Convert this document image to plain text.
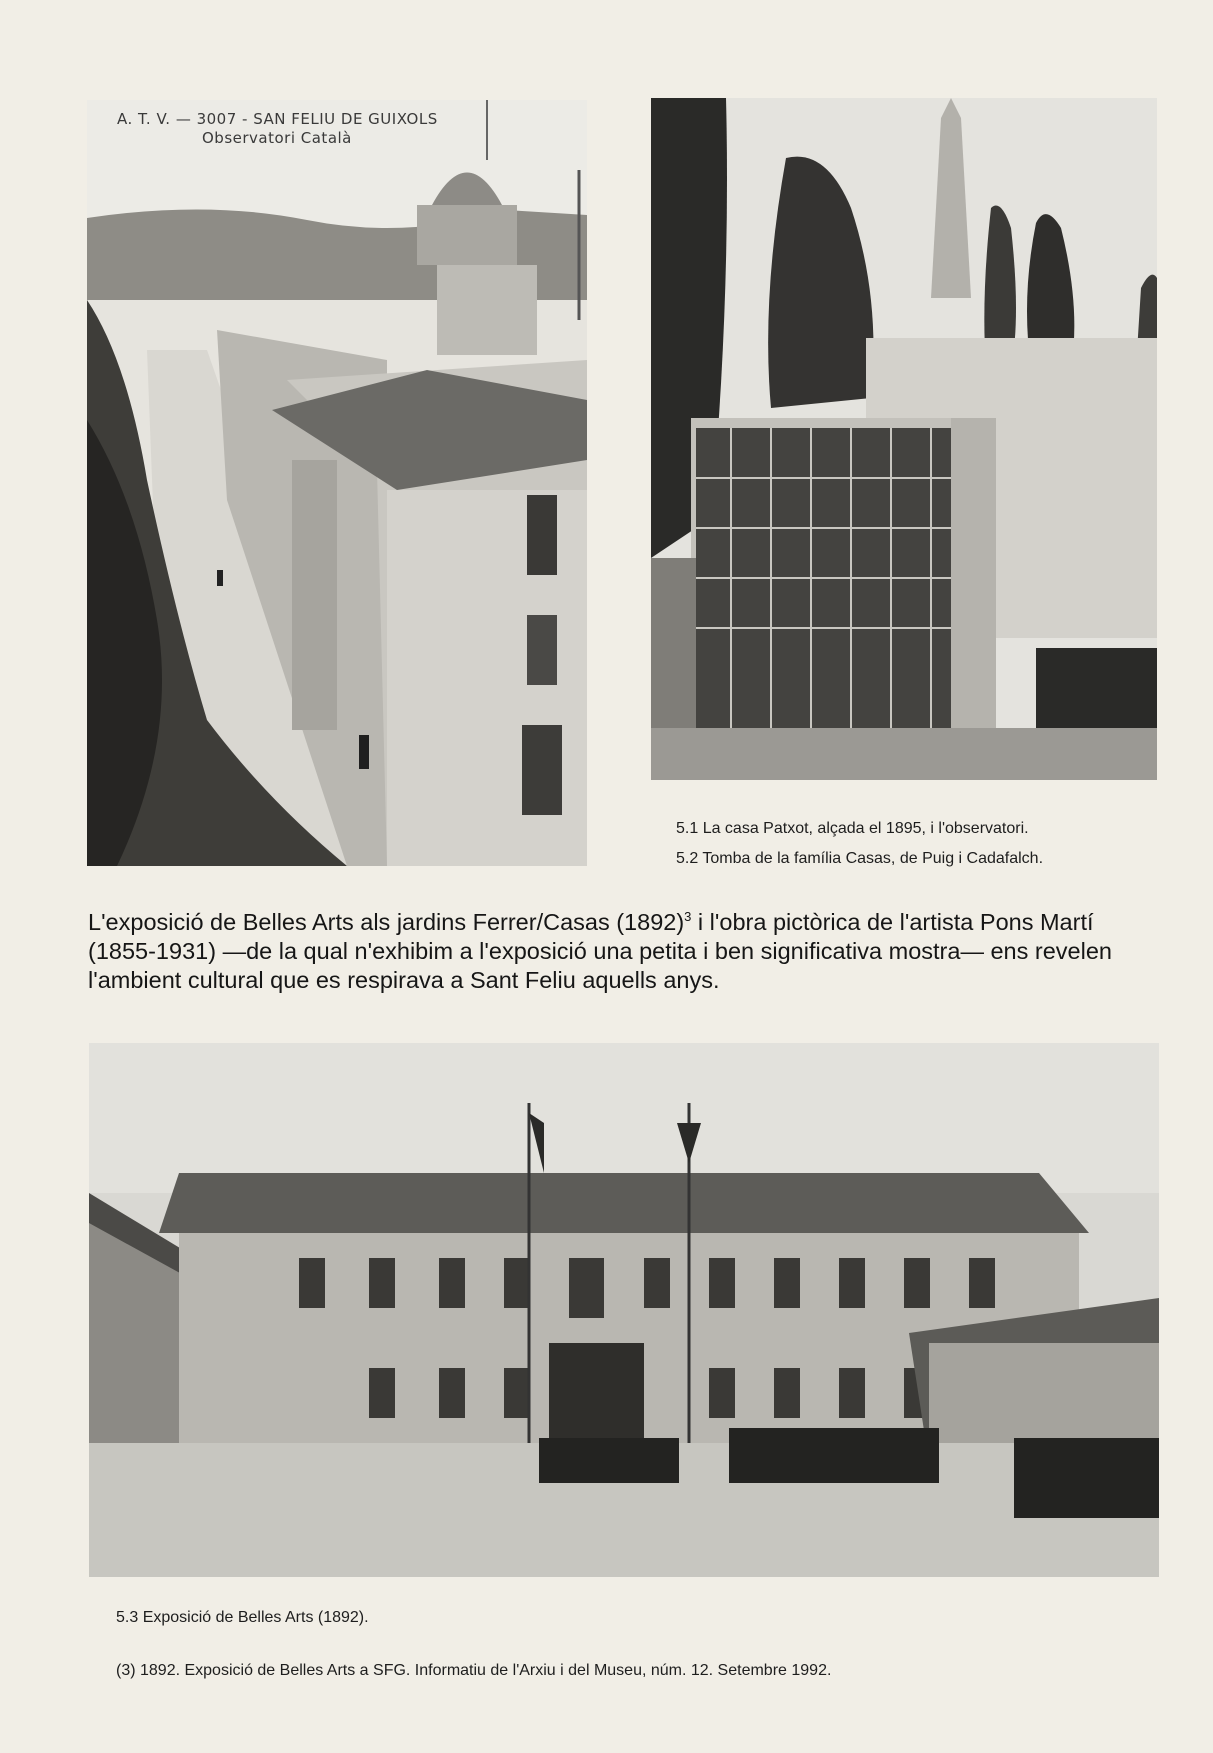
A. T. V. — 3007 - SAN FELIU DE GUIXOLS
Observatori Català
5.1 La casa Patxot, alçada el 1895, i l'observatori.
5.2 Tomba de la família Casas, de Puig i Cadafalch.
L'exposició de Belles Arts als jardins Ferrer/Casas $(1892)^3$ i l'obra pictòrica de l'artista Pons Martí (1855-1931) —de la qual n'exhibim a l'exposició una petita i ben significativa mostra— ens revelen l'ambient cultural que es respirava a Sant Feliu aquells anys.
5.3 Exposició de Belles Arts (1892).
(3) 1892. Exposició de Belles Arts a SFG. Informatiu de l'Arxiu i del Museu, núm. 12. Setembre 1992.
